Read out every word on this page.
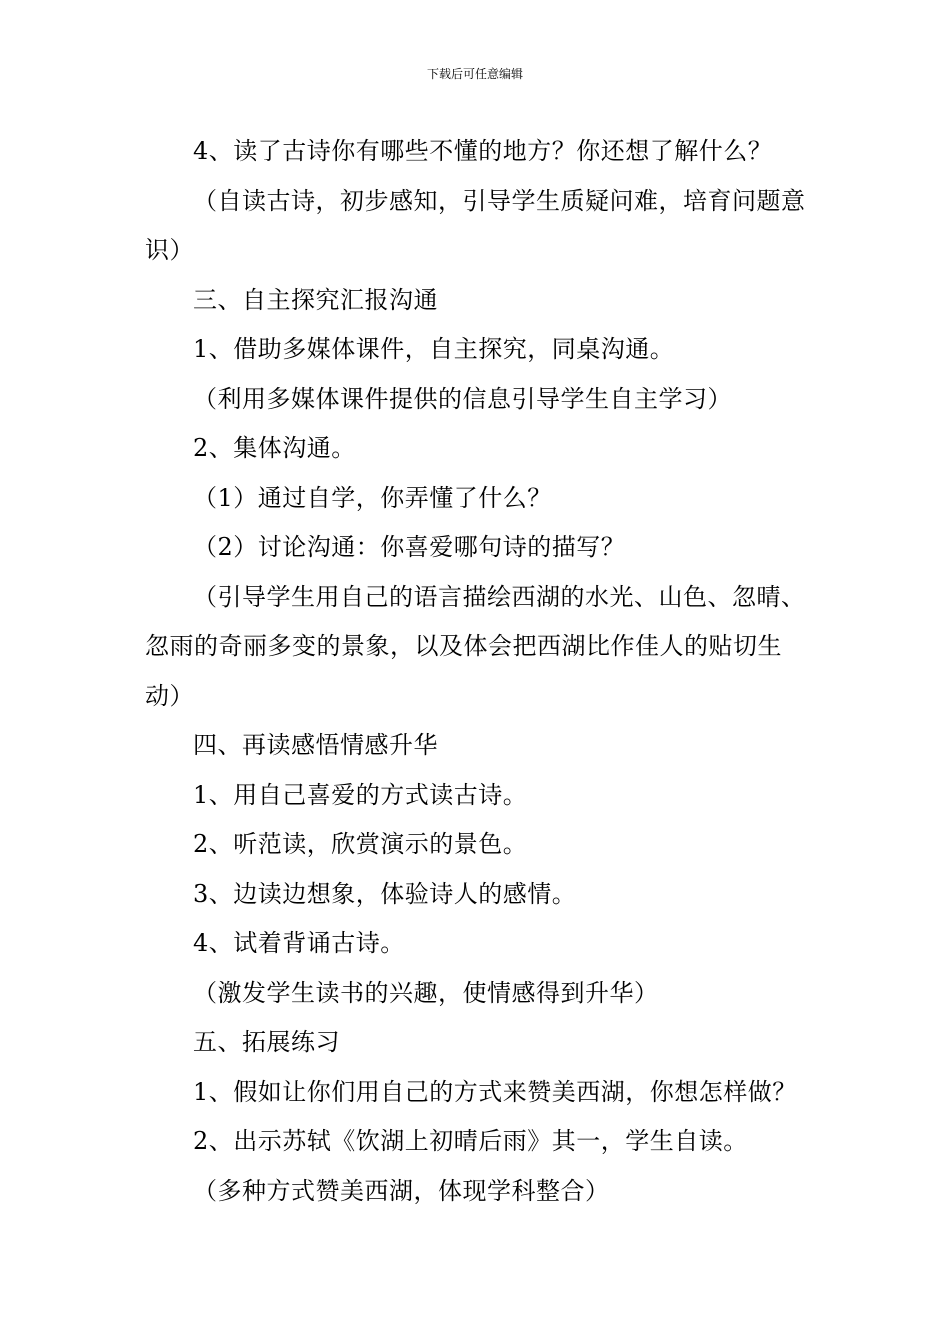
下载后可任意编辑

4、读了古诗你有哪些不懂的地方？你还想了解什么？

（自读古诗，初步感知，引导学生质疑问难，培育问题意识）

三、自主探究汇报沟通

1、借助多媒体课件，自主探究，同桌沟通。

（利用多媒体课件提供的信息引导学生自主学习）

2、集体沟通。

（1）通过自学，你弄懂了什么？

（2）讨论沟通：你喜爱哪句诗的描写？

（引导学生用自己的语言描绘西湖的水光、山色、忽晴、忽雨的奇丽多变的景象，以及体会把西湖比作佳人的贴切生动）

四、再读感悟情感升华

1、用自己喜爱的方式读古诗。

2、听范读，欣赏演示的景色。

3、边读边想象，体验诗人的感情。

4、试着背诵古诗。

（激发学生读书的兴趣，使情感得到升华）

五、拓展练习

1、假如让你们用自己的方式来赞美西湖，你想怎样做？

2、出示苏轼《饮湖上初晴后雨》其一，学生自读。

（多种方式赞美西湖，体现学科整合）
